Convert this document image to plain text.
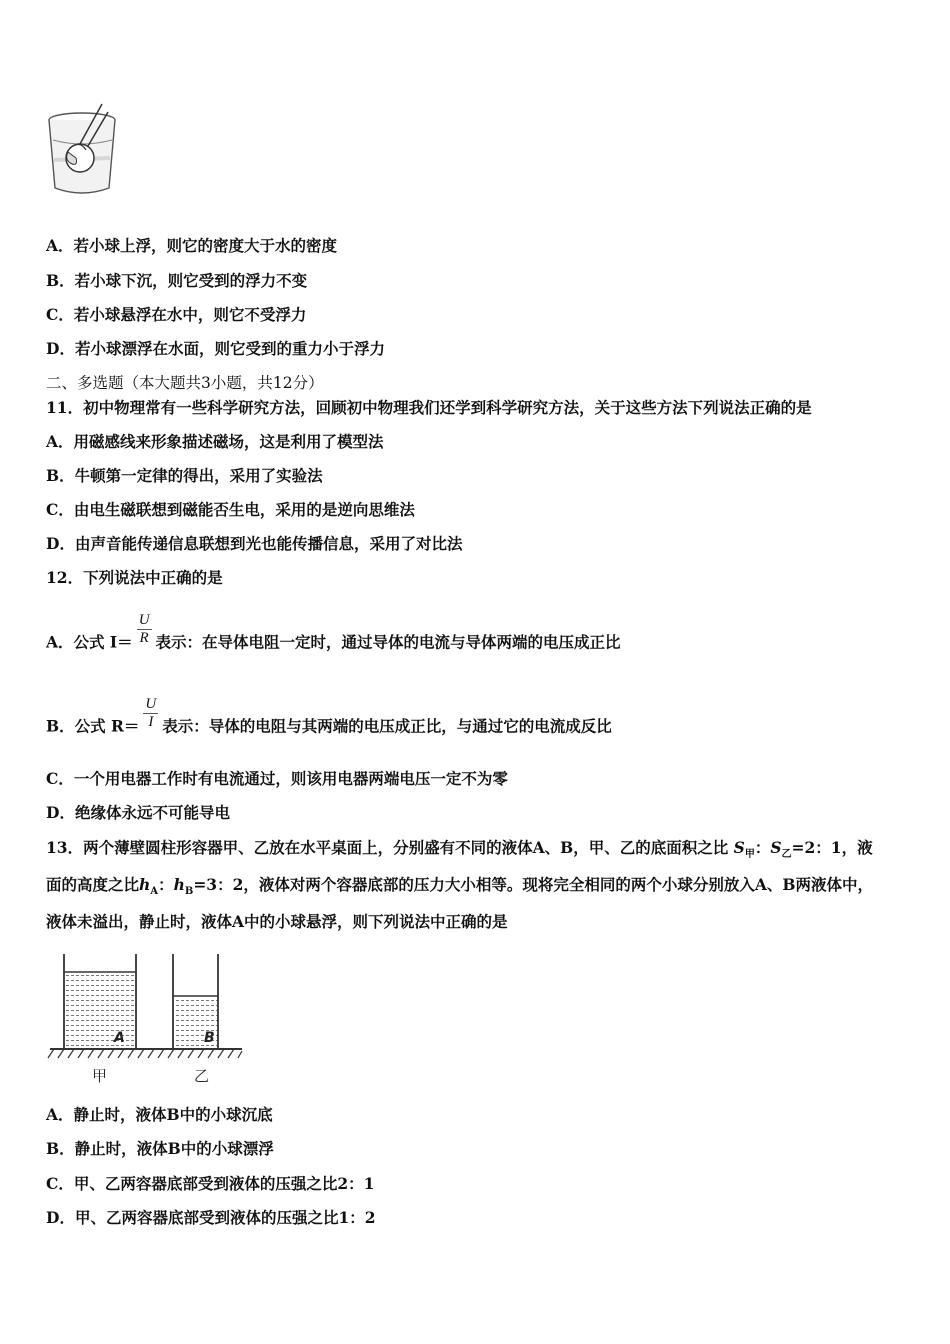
A．若小球上浮，则它的密度大于水的密度
B．若小球下沉，则它受到的浮力不变
C．若小球悬浮在水中，则它不受浮力
D．若小球漂浮在水面，则它受到的重力小于浮力
二、多选题（本大题共3小题，共12分）
11．初中物理常有一些科学研究方法，回顾初中物理我们还学到科学研究方法，关于这些方法下列说法正确的是
A．用磁感线来形象描述磁场，这是利用了模型法
B．牛顿第一定律的得出，采用了实验法
C．由电生磁联想到磁能否生电，采用的是逆向思维法
D．由声音能传递信息联想到光也能传播信息，采用了对比法
12．下列说法中正确的是
A．公式 $I= \frac{U}{R}$ 表示：在导体电阻一定时，通过导体的电流与导体两端的电压成正比
B．公式 $R= \frac{U}{I}$ 表示：导体的电阻与其两端的电压成正比，与通过它的电流成反比
C．一个用电器工作时有电流通过，则该用电器两端电压一定不为零
D．绝缘体永远不可能导电
13．两个薄壁圆柱形容器甲、乙放在水平桌面上，分别盛有不同的液体A、B，甲、乙的底面积之比 $S_甲$：$S_乙=2$：1，液
面的高度之比$h_A$：$h_B=3$：2，液体对两个容器底部的压力大小相等。现将完全相同的两个小球分别放入A、B两液体中，
液体未溢出，静止时，液体A中的小球悬浮，则下列说法中正确的是
A	B
甲	乙
A．静止时，液体B中的小球沉底
B．静止时，液体B中的小球漂浮
C．甲、乙两容器底部受到液体的压强之比2：1
D．甲、乙两容器底部受到液体的压强之比1：2
